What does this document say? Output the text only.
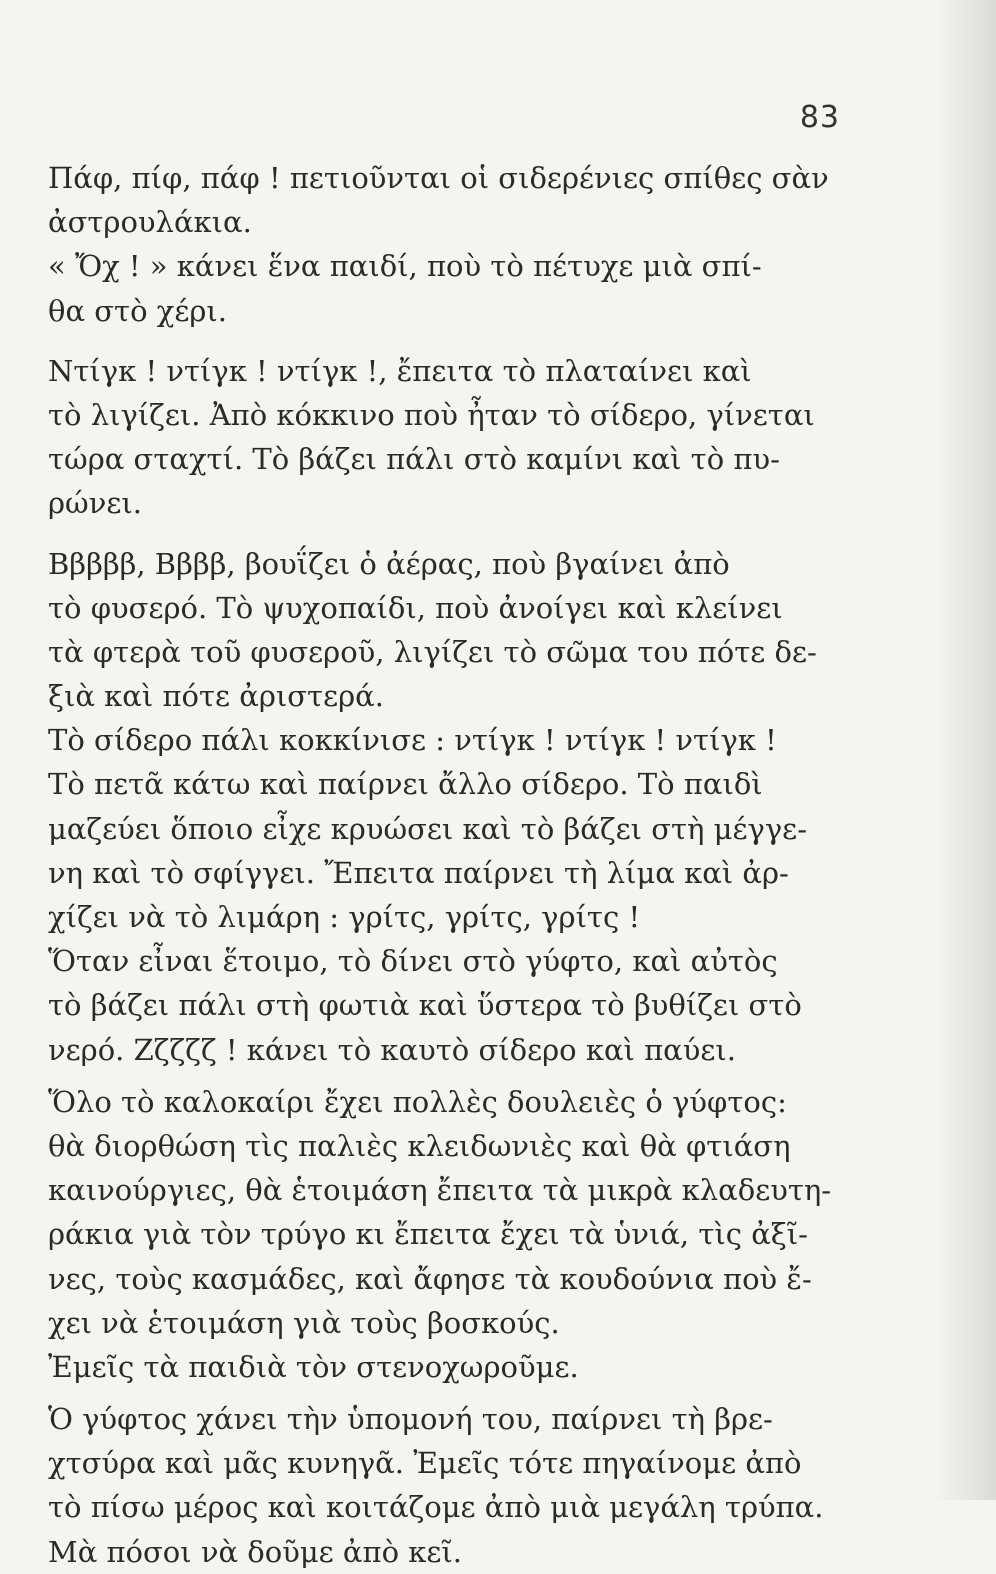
83
Πάφ, πίφ, πάφ ! πετιοῦνται οἱ σιδερένιες σπίθες σὰν
ἀστρουλάκια.
« Ὄχ ! » κάνει ἕνα παιδί, ποὺ τὸ πέτυχε μιὰ σπί-
θα στὸ χέρι.
Ντίγκ ! ντίγκ ! ντίγκ !, ἔπειτα τὸ πλαταίνει καὶ
τὸ λιγίζει. Ἀπὸ κόκκινο ποὺ ἦταν τὸ σίδερο, γίνεται
τώρα σταχτί. Τὸ βάζει πάλι στὸ καμίνι καὶ τὸ πυ-
ρώνει.
Βββββ, Ββββ, βουΐζει ὁ ἀέρας, ποὺ βγαίνει ἀπὸ
τὸ φυσερό. Τὸ ψυχοπαίδι, ποὺ ἀνοίγει καὶ κλείνει
τὰ φτερὰ τοῦ φυσεροῦ, λιγίζει τὸ σῶμα του πότε δε-
ξιὰ καὶ πότε ἀριστερά.
Τὸ σίδερο πάλι κοκκίνισε : ντίγκ ! ντίγκ ! ντίγκ !
Τὸ πετᾶ κάτω καὶ παίρνει ἄλλο σίδερο. Τὸ παιδὶ
μαζεύει ὅποιο εἶχε κρυώσει καὶ τὸ βάζει στὴ μέγγε-
νη καὶ τὸ σφίγγει. Ἔπειτα παίρνει τὴ λίμα καὶ ἀρ-
χίζει νὰ τὸ λιμάρη : γρίτς, γρίτς, γρίτς !
Ὅταν εἶναι ἕτοιμο, τὸ δίνει στὸ γύφτο, καὶ αὐτὸς
τὸ βάζει πάλι στὴ φωτιὰ καὶ ὕστερα τὸ βυθίζει στὸ
νερό. Ζζζζζ ! κάνει τὸ καυτὸ σίδερο καὶ παύει.
Ὅλο τὸ καλοκαίρι ἔχει πολλὲς δουλειὲς ὁ γύφτος:
θὰ διορθώση τὶς παλιὲς κλειδωνιὲς καὶ θὰ φτιάση
καινούργιες, θὰ ἑτοιμάση ἔπειτα τὰ μικρὰ κλαδευτη-
ράκια γιὰ τὸν τρύγο κι ἔπειτα ἔχει τὰ ὑνιά, τὶς ἀξῖ-
νες, τοὺς κασμάδες, καὶ ἄφησε τὰ κουδούνια ποὺ ἔ-
χει νὰ ἑτοιμάση γιὰ τοὺς βοσκούς.
Ἐμεῖς τὰ παιδιὰ τὸν στενοχωροῦμε.
Ὁ γύφτος χάνει τὴν ὑπομονή του, παίρνει τὴ βρε-
χτσύρα καὶ μᾶς κυνηγᾶ. Ἐμεῖς τότε πηγαίνομε ἀπὸ
τὸ πίσω μέρος καὶ κοιτάζομε ἀπὸ μιὰ μεγάλη τρύπα.
Μὰ πόσοι νὰ δοῦμε ἀπὸ κεῖ.
